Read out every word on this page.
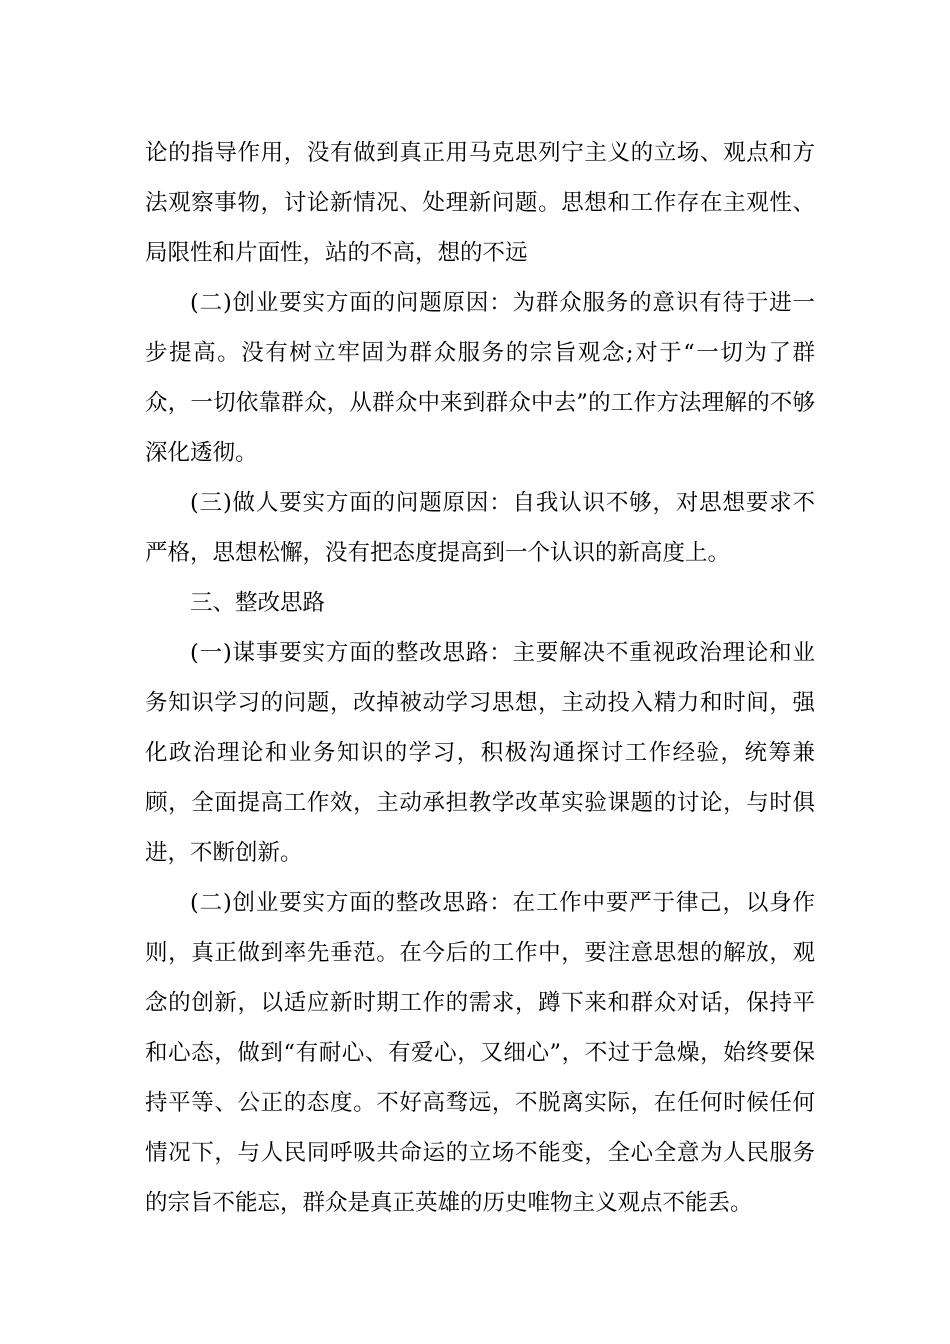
论的指导作用，没有做到真正用马克思列宁主义的立场、观点和方法观察事物，讨论新情况、处理新问题。思想和工作存在主观性、局限性和片面性，站的不高，想的不远

(二)创业要实方面的问题原因：为群众服务的意识有待于进一步提高。没有树立牢固为群众服务的宗旨观念;对于“一切为了群众，一切依靠群众，从群众中来到群众中去”的工作方法理解的不够深化透彻。

(三)做人要实方面的问题原因：自我认识不够，对思想要求不严格，思想松懈，没有把态度提高到一个认识的新高度上。

三、整改思路

(一)谋事要实方面的整改思路：主要解决不重视政治理论和业务知识学习的问题，改掉被动学习思想，主动投入精力和时间，强化政治理论和业务知识的学习，积极沟通探讨工作经验，统筹兼顾，全面提高工作效，主动承担教学改革实验课题的讨论，与时俱进，不断创新。

(二)创业要实方面的整改思路：在工作中要严于律己，以身作则，真正做到率先垂范。在今后的工作中，要注意思想的解放，观念的创新，以适应新时期工作的需求，蹲下来和群众对话，保持平和心态，做到“有耐心、有爱心，又细心”，不过于急燥，始终要保持平等、公正的态度。不好高骛远，不脱离实际，在任何时候任何情况下，与人民同呼吸共命运的立场不能变，全心全意为人民服务的宗旨不能忘，群众是真正英雄的历史唯物主义观点不能丢。
